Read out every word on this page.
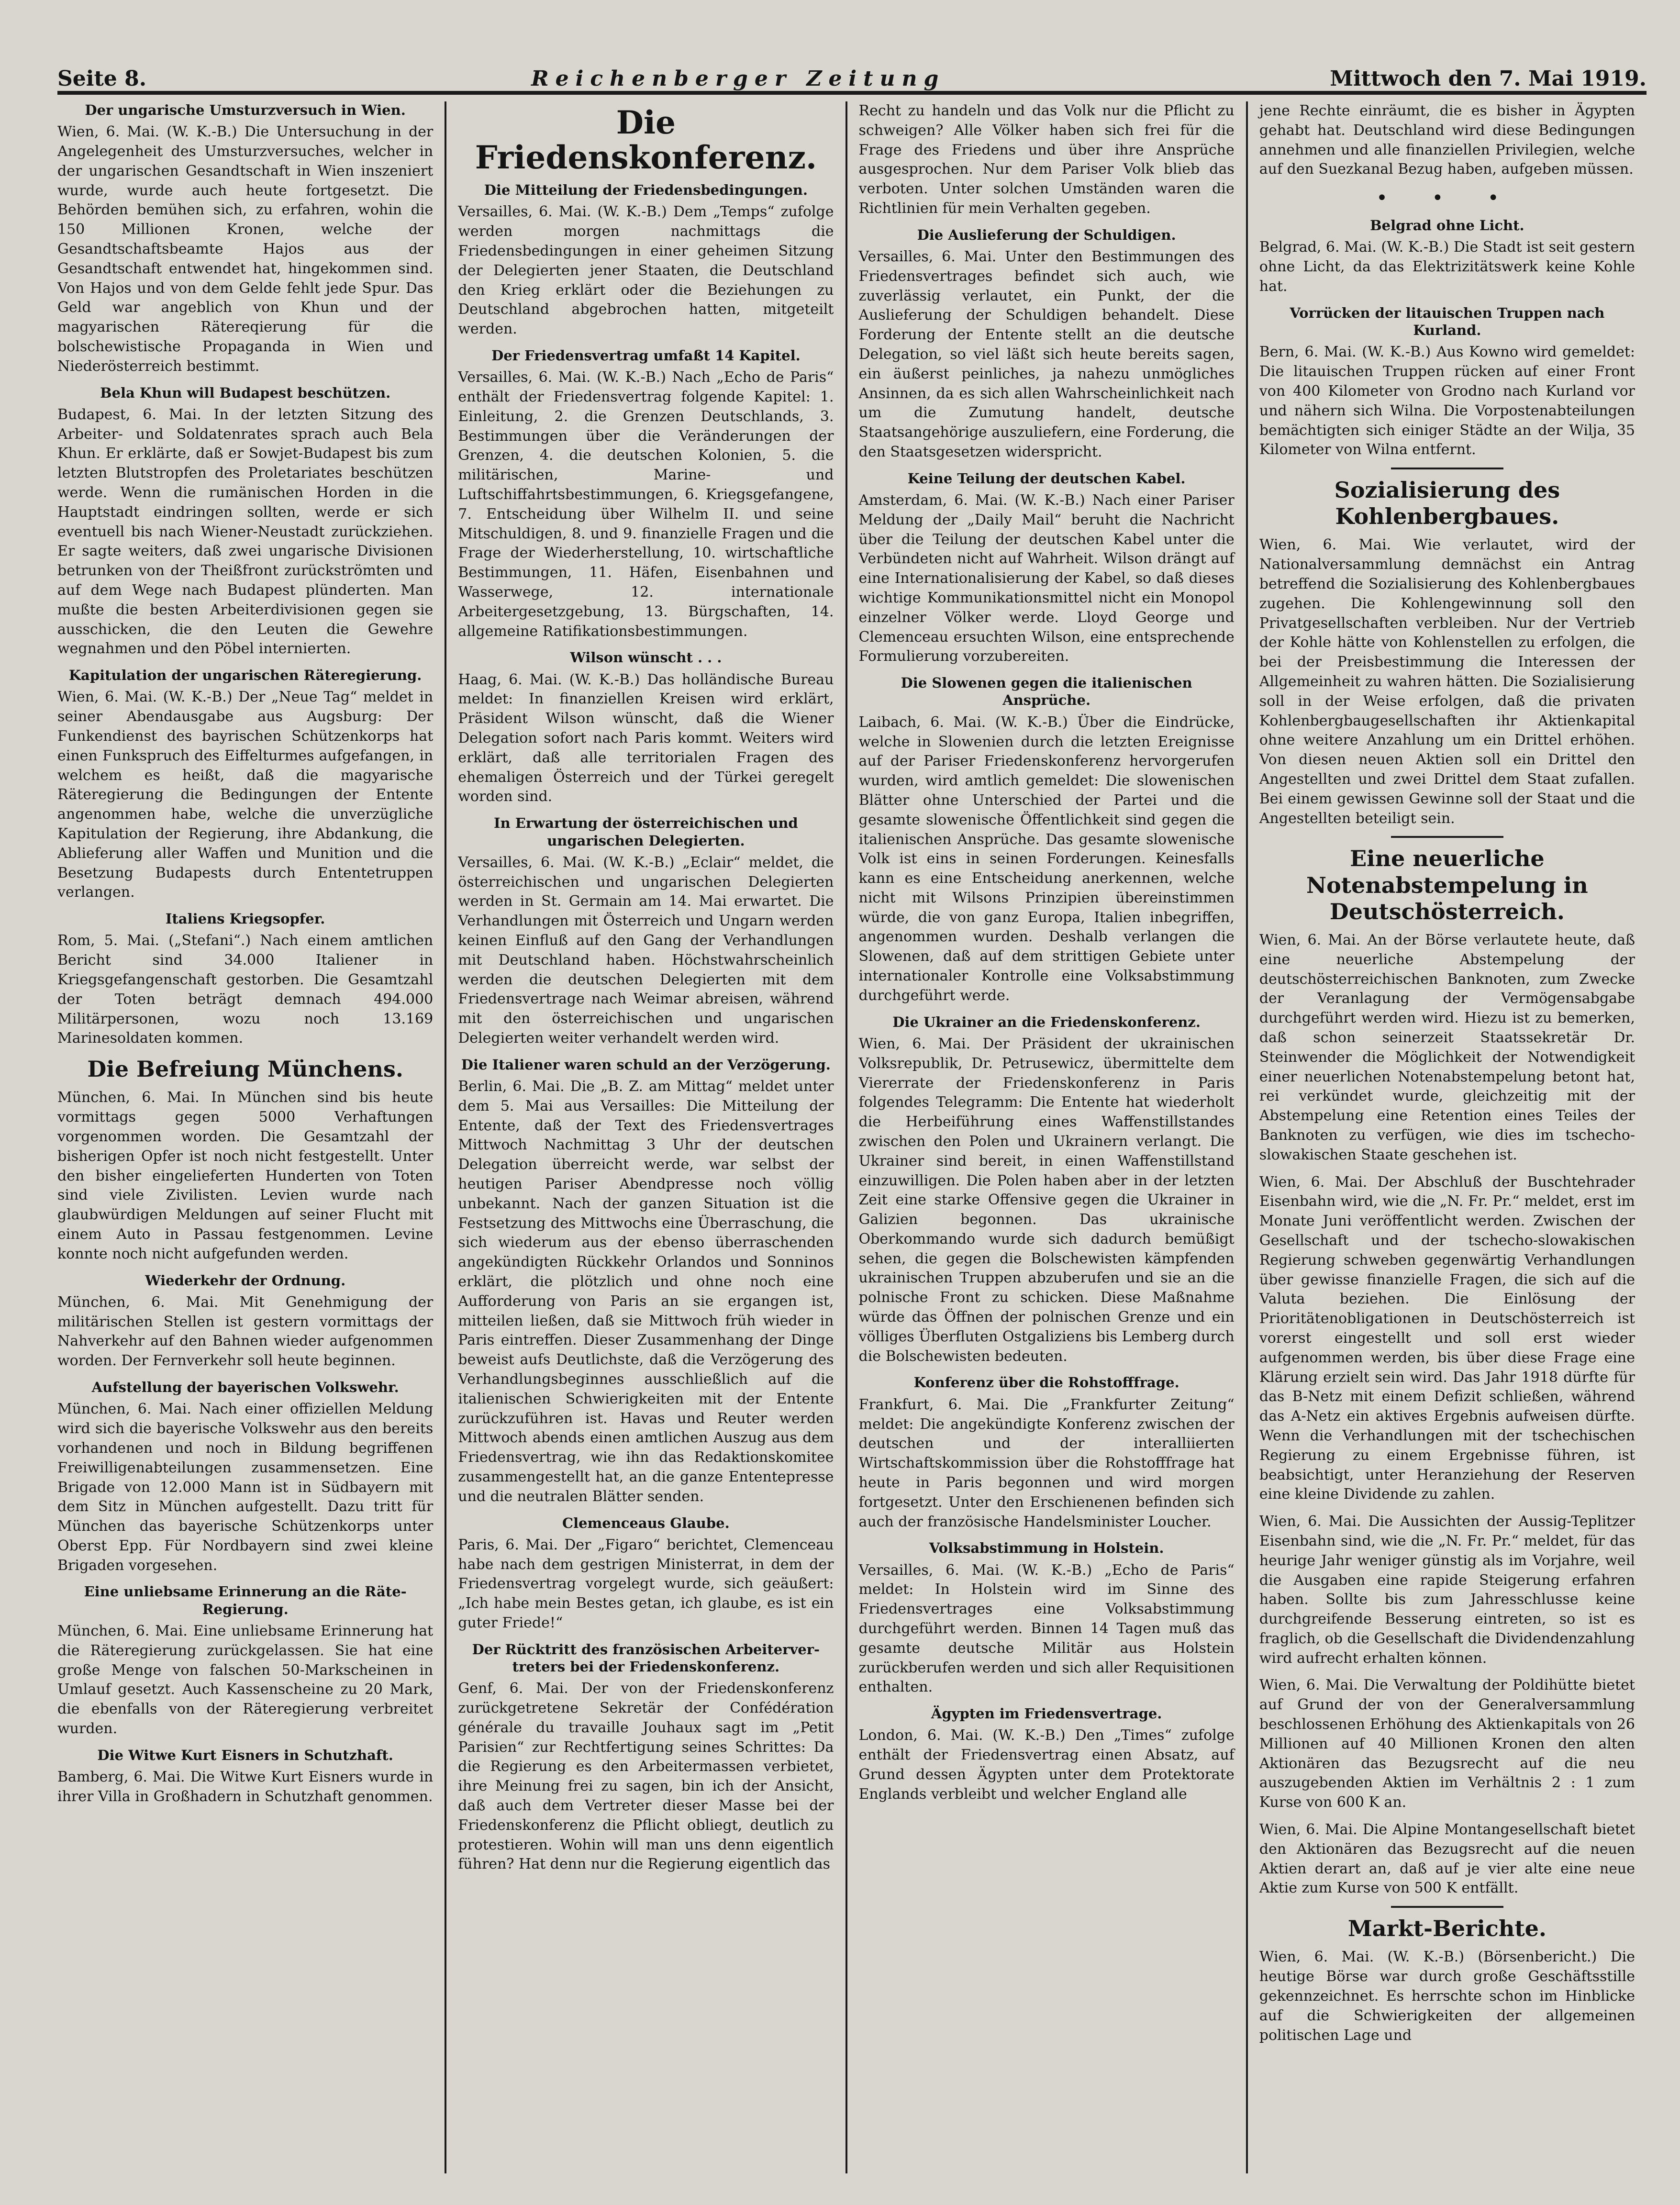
Seite 8.	Reichenberger Zeitung	Mittwoch den 7. Mai 1919.
Der ungarische Umsturzversuch in Wien.

Wien, 6. Mai. (W. K.-B.) Die Untersuchung in der Angelegenheit des Umsturzversuches, welcher in der ungarischen Gesandtschaft in Wien inszeniert wurde, wurde auch heute fortgesetzt. Die Behörden bemühen sich, zu erfahren, wohin die 150 Millionen Kronen, welche der Gesandtschaftsbeamte Hajos aus der Gesandtschaft entwendet hat, hingekommen sind. Von Hajos und von dem Gelde fehlt jede Spur. Das Geld war angeblich von Khun und der magyarischen Rätereqierung für die bolschewistische Propaganda in Wien und Niederösterreich bestimmt.

Bela Khun will Budapest beschützen.

Budapest, 6. Mai. In der letzten Sitzung des Arbeiter- und Soldatenrates sprach auch Bela Khun. Er erklärte, daß er Sowjet-Budapest bis zum letzten Blutstropfen des Proletariates beschützen werde. Wenn die rumänischen Horden in die Hauptstadt eindringen sollten, werde er sich eventuell bis nach Wiener-Neustadt zurückziehen. Er sagte weiters, daß zwei ungarische Divisionen betrunken von der Theißfront zurückströmten und auf dem Wege nach Budapest plünderten. Man mußte die besten Arbeiterdivisionen gegen sie ausschicken, die den Leuten die Gewehre wegnahmen und den Pöbel internierten.

Kapitulation der ungarischen Räteregierung.

Wien, 6. Mai. (W. K.-B.) Der „Neue Tag“ meldet in seiner Abendausgabe aus Augsburg: Der Funkendienst des bayrischen Schützenkorps hat einen Funkspruch des Eiffelturmes aufgefangen, in welchem es heißt, daß die magyarische Räteregierung die Bedingungen der Entente angenommen habe, welche die unverzügliche Kapitulation der Regierung, ihre Abdankung, die Ablieferung aller Waffen und Munition und die Besetzung Budapests durch Ententetruppen verlangen.

Italiens Kriegsopfer.

Rom, 5. Mai. („Stefani“.) Nach einem amtlichen Bericht sind 34.000 Italiener in Kriegsgefangenschaft gestorben. Die Gesamtzahl der Toten beträgt demnach 494.000 Militärpersonen, wozu noch 13.169 Marinesoldaten kommen.

Die Befreiung Münchens.

München, 6. Mai. In München sind bis heute vormittags gegen 5000 Verhaftungen vorgenommen worden. Die Gesamtzahl der bisherigen Opfer ist noch nicht festgestellt. Unter den bisher eingelieferten Hunderten von Toten sind viele Zivilisten. Levien wurde nach glaubwürdigen Meldungen auf seiner Flucht mit einem Auto in Passau festgenommen. Levine konnte noch nicht aufgefunden werden.

Wiederkehr der Ordnung.

München, 6. Mai. Mit Genehmigung der militärischen Stellen ist gestern vormittags der Nahverkehr auf den Bahnen wieder aufgenommen worden. Der Fernverkehr soll heute beginnen.

Aufstellung der bayerischen Volkswehr.

München, 6. Mai. Nach einer offiziellen Meldung wird sich die bayerische Volkswehr aus den bereits vorhandenen und noch in Bildung begriffenen Freiwilligenabteilungen zusammensetzen. Eine Brigade von 12.000 Mann ist in Südbayern mit dem Sitz in München aufgestellt. Dazu tritt für München das bayerische Schützenkorps unter Oberst Epp. Für Nordbayern sind zwei kleine Brigaden vorgesehen.

Eine unliebsame Erinnerung an die Räte-Regierung.

München, 6. Mai. Eine unliebsame Erinnerung hat die Räteregierung zurückgelassen. Sie hat eine große Menge von falschen 50-Markscheinen in Umlauf gesetzt. Auch Kassenscheine zu 20 Mark, die ebenfalls von der Räteregierung verbreitet wurden.

Die Witwe Kurt Eisners in Schutzhaft.

Bamberg, 6. Mai. Die Witwe Kurt Eisners wurde in ihrer Villa in Großhadern in Schutzhaft genommen.

Die Friedenskonferenz.
Die Mitteilung der Friedensbedingungen.

Versailles, 6. Mai. (W. K.-B.) Dem „Temps“ zufolge werden morgen nachmittags die Friedensbedingungen in einer geheimen Sitzung der Delegierten jener Staaten, die Deutschland den Krieg erklärt oder die Beziehungen zu Deutschland abgebrochen hatten, mitgeteilt werden.

Der Friedensvertrag umfaßt 14 Kapitel.

Versailles, 6. Mai. (W. K.-B.) Nach „Echo de Paris“ enthält der Friedensvertrag folgende Kapitel: 1. Einleitung, 2. die Grenzen Deutschlands, 3. Bestimmungen über die Veränderungen der Grenzen, 4. die deutschen Kolonien, 5. die militärischen, Marine- und Luftschiffahrtsbestimmungen, 6. Kriegsgefangene, 7. Entscheidung über Wilhelm II. und seine Mitschuldigen, 8. und 9. finanzielle Fragen und die Frage der Wiederherstellung, 10. wirtschaftliche Bestimmungen, 11. Häfen, Eisenbahnen und Wasserwege, 12. internationale Arbeitergesetzgebung, 13. Bürgschaften, 14. allgemeine Ratifikationsbestimmungen.

Wilson wünscht . . .

Haag, 6. Mai. (W. K.-B.) Das holländische Bureau meldet: In finanziellen Kreisen wird erklärt, Präsident Wilson wünscht, daß die Wiener Delegation sofort nach Paris kommt. Weiters wird erklärt, daß alle territorialen Fragen des ehemaligen Österreich und der Türkei geregelt worden sind.

In Erwartung der österreichischen und ungarischen Delegierten.

Versailles, 6. Mai. (W. K.-B.) „Eclair“ meldet, die österreichischen und ungarischen Delegierten werden in St. Germain am 14. Mai erwartet. Die Verhandlungen mit Österreich und Ungarn werden keinen Einfluß auf den Gang der Verhandlungen mit Deutschland haben. Höchstwahrscheinlich werden die deutschen Delegierten mit dem Friedensvertrage nach Weimar abreisen, während mit den österreichischen und ungarischen Delegierten weiter verhandelt werden wird.

Die Italiener waren schuld an der Verzögerung.

Berlin, 6. Mai. Die „B. Z. am Mittag“ meldet unter dem 5. Mai aus Versailles: Die Mitteilung der Entente, daß der Text des Friedensvertrages Mittwoch Nachmittag 3 Uhr der deutschen Delegation überreicht werde, war selbst der heutigen Pariser Abendpresse noch völlig unbekannt. Nach der ganzen Situation ist die Festsetzung des Mittwochs eine Überraschung, die sich wiederum aus der ebenso überraschenden angekündigten Rückkehr Orlandos und Sonninos erklärt, die plötzlich und ohne noch eine Aufforderung von Paris an sie ergangen ist, mitteilen ließen, daß sie Mittwoch früh wieder in Paris eintreffen. Dieser Zusammenhang der Dinge beweist aufs Deutlichste, daß die Verzögerung des Verhandlungsbeginnes ausschließlich auf die italienischen Schwierigkeiten mit der Entente zurückzuführen ist. Havas und Reuter werden Mittwoch abends einen amtlichen Auszug aus dem Friedensvertrag, wie ihn das Redaktionskomitee zusammengestellt hat, an die ganze Ententepresse und die neutralen Blätter senden.

Clemenceaus Glaube.

Paris, 6. Mai. Der „Figaro“ berichtet, Clemenceau habe nach dem gestrigen Ministerrat, in dem der Friedensvertrag vorgelegt wurde, sich geäußert: „Ich habe mein Bestes getan, ich glaube, es ist ein guter Friede!“

Der Rücktritt des französischen Arbeiterver-treters bei der Friedenskonferenz.

Genf, 6. Mai. Der von der Friedenskonferenz zurückgetretene Sekretär der Confédération générale du travaille Jouhaux sagt im „Petit Parisien“ zur Rechtfertigung seines Schrittes: Da die Regierung es den Arbeitermassen verbietet, ihre Meinung frei zu sagen, bin ich der Ansicht, daß auch dem Vertreter dieser Masse bei der Friedenskonferenz die Pflicht obliegt, deutlich zu protestieren. Wohin will man uns denn eigentlich führen? Hat denn nur die Regierung eigentlich das

Recht zu handeln und das Volk nur die Pflicht zu schweigen? Alle Völker haben sich frei für die Frage des Friedens und über ihre Ansprüche ausgesprochen. Nur dem Pariser Volk blieb das verboten. Unter solchen Umständen waren die Richtlinien für mein Verhalten gegeben.

Die Auslieferung der Schuldigen.

Versailles, 6. Mai. Unter den Bestimmungen des Friedensvertrages befindet sich auch, wie zuverlässig verlautet, ein Punkt, der die Auslieferung der Schuldigen behandelt. Diese Forderung der Entente stellt an die deutsche Delegation, so viel läßt sich heute bereits sagen, ein äußerst peinliches, ja nahezu unmögliches Ansinnen, da es sich allen Wahrscheinlichkeit nach um die Zumutung handelt, deutsche Staatsangehörige auszuliefern, eine Forderung, die den Staatsgesetzen widerspricht.

Keine Teilung der deutschen Kabel.

Amsterdam, 6. Mai. (W. K.-B.) Nach einer Pariser Meldung der „Daily Mail“ beruht die Nachricht über die Teilung der deutschen Kabel unter die Verbündeten nicht auf Wahrheit. Wilson drängt auf eine Internationalisierung der Kabel, so daß dieses wichtige Kommunikationsmittel nicht ein Monopol einzelner Völker werde. Lloyd George und Clemenceau ersuchten Wilson, eine entsprechende Formulierung vorzubereiten.

Die Slowenen gegen die italienischen Ansprüche.

Laibach, 6. Mai. (W. K.-B.) Über die Eindrücke, welche in Slowenien durch die letzten Ereignisse auf der Pariser Friedenskonferenz hervorgerufen wurden, wird amtlich gemeldet: Die slowenischen Blätter ohne Unterschied der Partei und die gesamte slowenische Öffentlichkeit sind gegen die italienischen Ansprüche. Das gesamte slowenische Volk ist eins in seinen Forderungen. Keinesfalls kann es eine Entscheidung anerkennen, welche nicht mit Wilsons Prinzipien übereinstimmen würde, die von ganz Europa, Italien inbegriffen, angenommen wurden. Deshalb verlangen die Slowenen, daß auf dem strittigen Gebiete unter internationaler Kontrolle eine Volksabstimmung durchgeführt werde.

Die Ukrainer an die Friedenskonferenz.

Wien, 6. Mai. Der Präsident der ukrainischen Volksrepublik, Dr. Petrusewicz, übermittelte dem Viererrate der Friedenskonferenz in Paris folgendes Telegramm: Die Entente hat wiederholt die Herbeiführung eines Waffenstillstandes zwischen den Polen und Ukrainern verlangt. Die Ukrainer sind bereit, in einen Waffenstillstand einzuwilligen. Die Polen haben aber in der letzten Zeit eine starke Offensive gegen die Ukrainer in Galizien begonnen. Das ukrainische Oberkommando wurde sich dadurch bemüßigt sehen, die gegen die Bolschewisten kämpfenden ukrainischen Truppen abzuberufen und sie an die polnische Front zu schicken. Diese Maßnahme würde das Öffnen der polnischen Grenze und ein völliges Überfluten Ostgaliziens bis Lemberg durch die Bolschewisten bedeuten.

Konferenz über die Rohstofffrage.

Frankfurt, 6. Mai. Die „Frankfurter Zeitung“ meldet: Die angekündigte Konferenz zwischen der deutschen und der interalliierten Wirtschaftskommission über die Rohstofffrage hat heute in Paris begonnen und wird morgen fortgesetzt. Unter den Erschienenen befinden sich auch der französische Handelsminister Loucher.

Volksabstimmung in Holstein.

Versailles, 6. Mai. (W. K.-B.) „Echo de Paris“ meldet: In Holstein wird im Sinne des Friedensvertrages eine Volksabstimmung durchgeführt werden. Binnen 14 Tagen muß das gesamte deutsche Militär aus Holstein zurückberufen werden und sich aller Requisitionen enthalten.

Ägypten im Friedensvertrage.

London, 6. Mai. (W. K.-B.) Den „Times“ zufolge enthält der Friedensvertrag einen Absatz, auf Grund dessen Ägypten unter dem Protektorate Englands verbleibt und welcher England alle

jene Rechte einräumt, die es bisher in Ägypten gehabt hat. Deutschland wird diese Bedingungen annehmen und alle finanziellen Privilegien, welche auf den Suezkanal Bezug haben, aufgeben müssen.

• • •
Belgrad ohne Licht.

Belgrad, 6. Mai. (W. K.-B.) Die Stadt ist seit gestern ohne Licht, da das Elektrizitätswerk keine Kohle hat.

Vorrücken der litauischen Truppen nach Kurland.

Bern, 6. Mai. (W. K.-B.) Aus Kowno wird gemeldet: Die litauischen Truppen rücken auf einer Front von 400 Kilometer von Grodno nach Kurland vor und nähern sich Wilna. Die Vorpostenabteilungen bemächtigten sich einiger Städte an der Wilja, 35 Kilometer von Wilna entfernt.

Sozialisierung des Kohlenbergbaues.

Wien, 6. Mai. Wie verlautet, wird der Nationalversammlung demnächst ein Antrag betreffend die Sozialisierung des Kohlenbergbaues zugehen. Die Kohlengewinnung soll den Privatgesellschaften verbleiben. Nur der Vertrieb der Kohle hätte von Kohlenstellen zu erfolgen, die bei der Preisbestimmung die Interessen der Allgemeinheit zu wahren hätten. Die Sozialisierung soll in der Weise erfolgen, daß die privaten Kohlenbergbaugesellschaften ihr Aktienkapital ohne weitere Anzahlung um ein Drittel erhöhen. Von diesen neuen Aktien soll ein Drittel den Angestellten und zwei Drittel dem Staat zufallen. Bei einem gewissen Gewinne soll der Staat und die Angestellten beteiligt sein.

Eine neuerliche Notenabstempelung in Deutschösterreich.

Wien, 6. Mai. An der Börse verlautete heute, daß eine neuerliche Abstempelung der deutschösterreichischen Banknoten, zum Zwecke der Veranlagung der Vermögensabgabe durchgeführt werden wird. Hiezu ist zu bemerken, daß schon seinerzeit Staatssekretär Dr. Steinwender die Möglichkeit der Notwendigkeit einer neuerlichen Notenabstempelung betont hat, rei verkündet wurde, gleichzeitig mit der Abstempelung eine Retention eines Teiles der Banknoten zu verfügen, wie dies im tschecho-slowakischen Staate geschehen ist.

Wien, 6. Mai. Der Abschluß der Buschtehrader Eisenbahn wird, wie die „N. Fr. Pr.“ meldet, erst im Monate Juni veröffentlicht werden. Zwischen der Gesellschaft und der tschecho-slowakischen Regierung schweben gegenwärtig Verhandlungen über gewisse finanzielle Fragen, die sich auf die Valuta beziehen. Die Einlösung der Prioritätenobligationen in Deutschösterreich ist vorerst eingestellt und soll erst wieder aufgenommen werden, bis über diese Frage eine Klärung erzielt sein wird. Das Jahr 1918 dürfte für das B-Netz mit einem Defizit schließen, während das A-Netz ein aktives Ergebnis aufweisen dürfte. Wenn die Verhandlungen mit der tschechischen Regierung zu einem Ergebnisse führen, ist beabsichtigt, unter Heranziehung der Reserven eine kleine Dividende zu zahlen.

Wien, 6. Mai. Die Aussichten der Aussig-Teplitzer Eisenbahn sind, wie die „N. Fr. Pr.“ meldet, für das heurige Jahr weniger günstig als im Vorjahre, weil die Ausgaben eine rapide Steigerung erfahren haben. Sollte bis zum Jahresschlusse keine durchgreifende Besserung eintreten, so ist es fraglich, ob die Gesellschaft die Dividendenzahlung wird aufrecht erhalten können.

Wien, 6. Mai. Die Verwaltung der Poldihütte bietet auf Grund der von der Generalversammlung beschlossenen Erhöhung des Aktienkapitals von 26 Millionen auf 40 Millionen Kronen den alten Aktionären das Bezugsrecht auf die neu auszugebenden Aktien im Verhältnis 2 : 1 zum Kurse von 600 K an.

Wien, 6. Mai. Die Alpine Montangesellschaft bietet den Aktionären das Bezugsrecht auf die neuen Aktien derart an, daß auf je vier alte eine neue Aktie zum Kurse von 500 K entfällt.

Markt-Berichte.

Wien, 6. Mai. (W. K.-B.) (Börsenbericht.) Die heutige Börse war durch große Geschäftsstille gekennzeichnet. Es herrschte schon im Hinblicke auf die Schwierigkeiten der allgemeinen politischen Lage und
